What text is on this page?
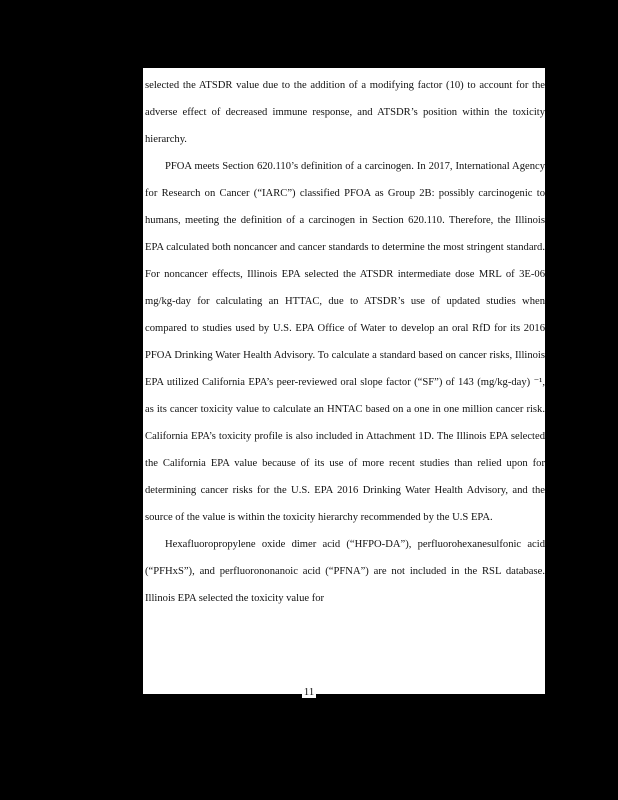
selected the ATSDR value due to the addition of a modifying factor (10) to account for the adverse effect of decreased immune response, and ATSDR’s position within the toxicity hierarchy.

PFOA meets Section 620.110’s definition of a carcinogen. In 2017, International Agency for Research on Cancer (“IARC”) classified PFOA as Group 2B: possibly carcinogenic to humans, meeting the definition of a carcinogen in Section 620.110. Therefore, the Illinois EPA calculated both noncancer and cancer standards to determine the most stringent standard. For noncancer effects, Illinois EPA selected the ATSDR intermediate dose MRL of 3E-06 mg/kg-day for calculating an HTTAC, due to ATSDR’s use of updated studies when compared to studies used by U.S. EPA Office of Water to develop an oral RfD for its 2016 PFOA Drinking Water Health Advisory. To calculate a standard based on cancer risks, Illinois EPA utilized California EPA’s peer-reviewed oral slope factor (“SF”) of 143 (mg/kg-day) ⁻¹, as its cancer toxicity value to calculate an HNTAC based on a one in one million cancer risk. California EPA’s toxicity profile is also included in Attachment 1D. The Illinois EPA selected the California EPA value because of its use of more recent studies than relied upon for determining cancer risks for the U.S. EPA 2016 Drinking Water Health Advisory, and the source of the value is within the toxicity hierarchy recommended by the U.S EPA.

Hexafluoropropylene oxide dimer acid (“HFPO-DA”), perfluorohexanesulfonic acid (“PFHxS”), and perfluorononanoic acid (“PFNA”) are not included in the RSL database. Illinois EPA selected the toxicity value for

11
